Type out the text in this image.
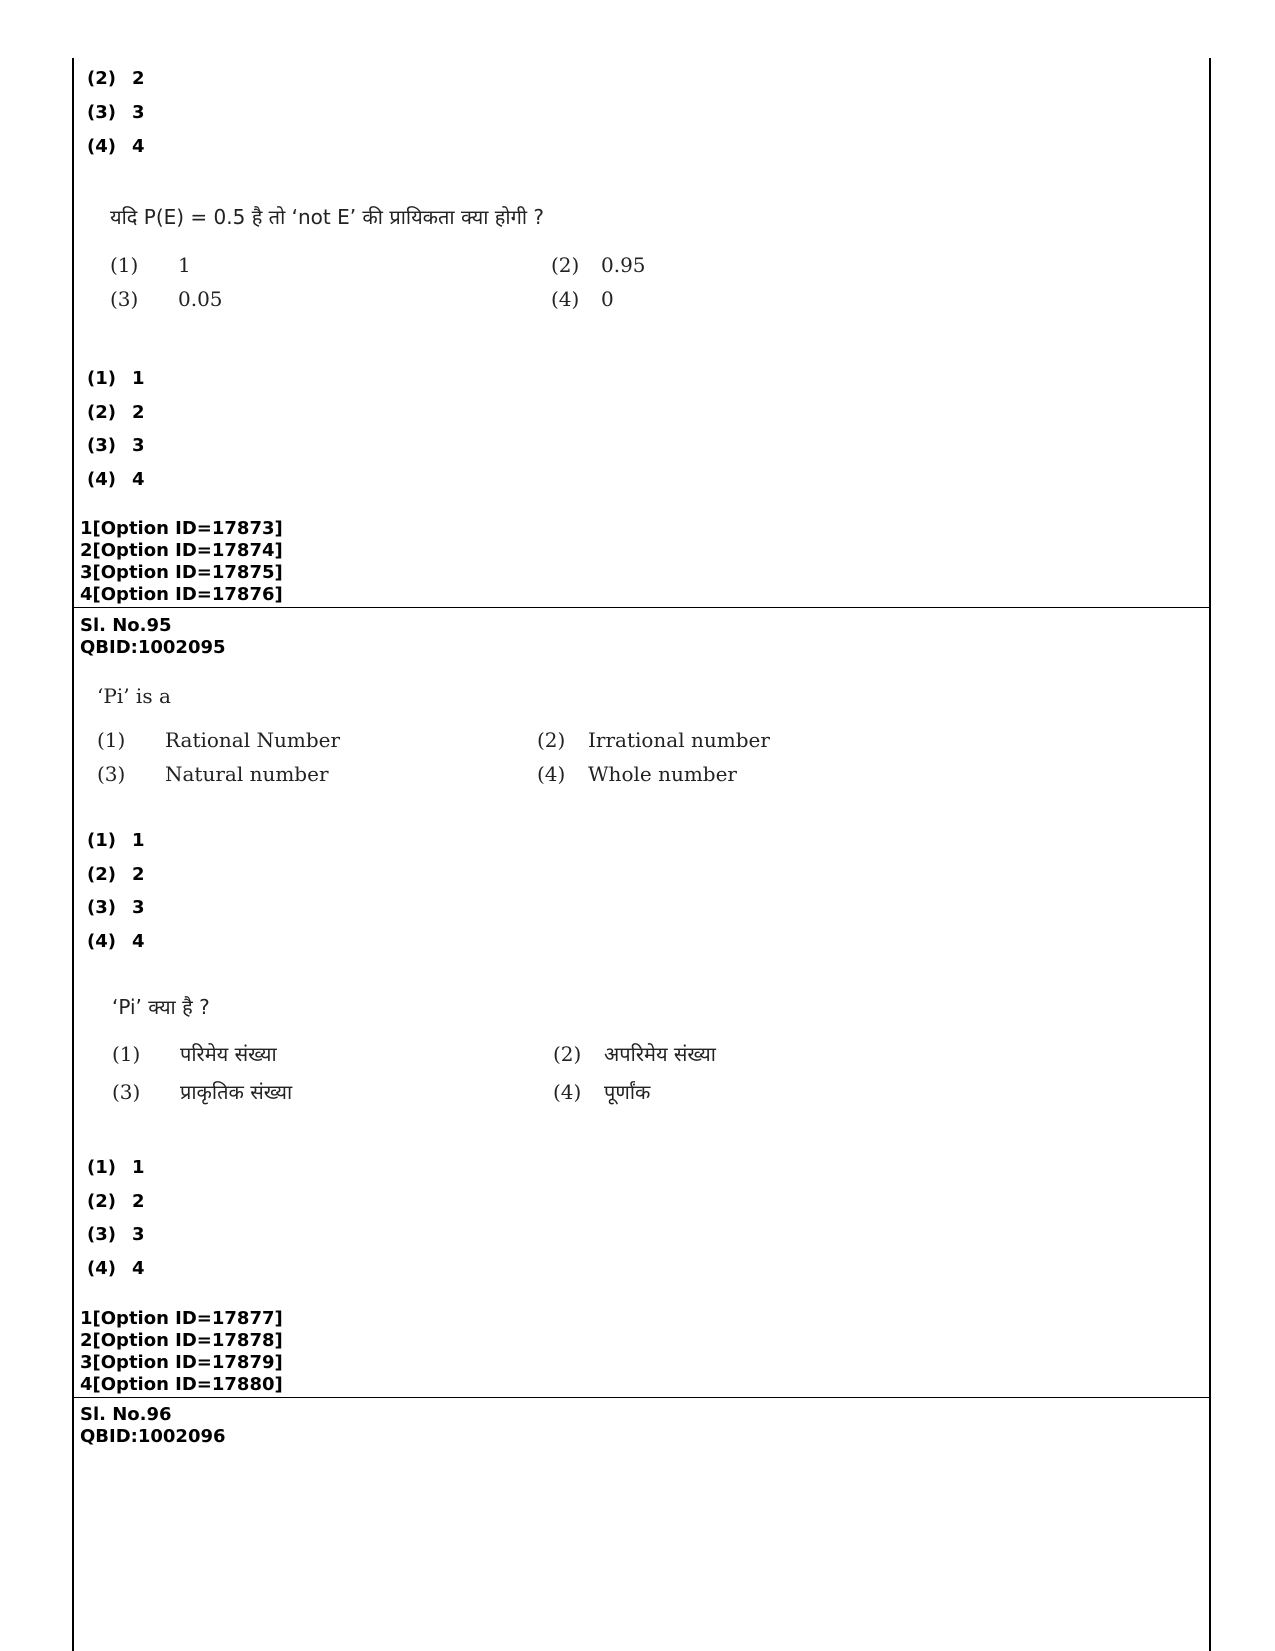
(2) 2
(3) 3
(4) 4
यदि P(E) = 0.5 है तो ‘not E’ की प्रायिकता क्या होगी ?
(1) 1	(2) 0.95
(3) 0.05	(4) 0
(1) 1
(2) 2
(3) 3
(4) 4
1[Option ID=17873]
2[Option ID=17874]
3[Option ID=17875]
4[Option ID=17876]
Sl. No.95
QBID:1002095
‘Pi’ is a
(1) Rational Number	(2) Irrational number
(3) Natural number	(4) Whole number
(1) 1
(2) 2
(3) 3
(4) 4
‘Pi’ क्या है ?
(1) परिमेय संख्या	(2) अपरिमेय संख्या
(3) प्राकृतिक संख्या	(4) पूर्णांक
(1) 1
(2) 2
(3) 3
(4) 4
1[Option ID=17877]
2[Option ID=17878]
3[Option ID=17879]
4[Option ID=17880]
Sl. No.96
QBID:1002096
